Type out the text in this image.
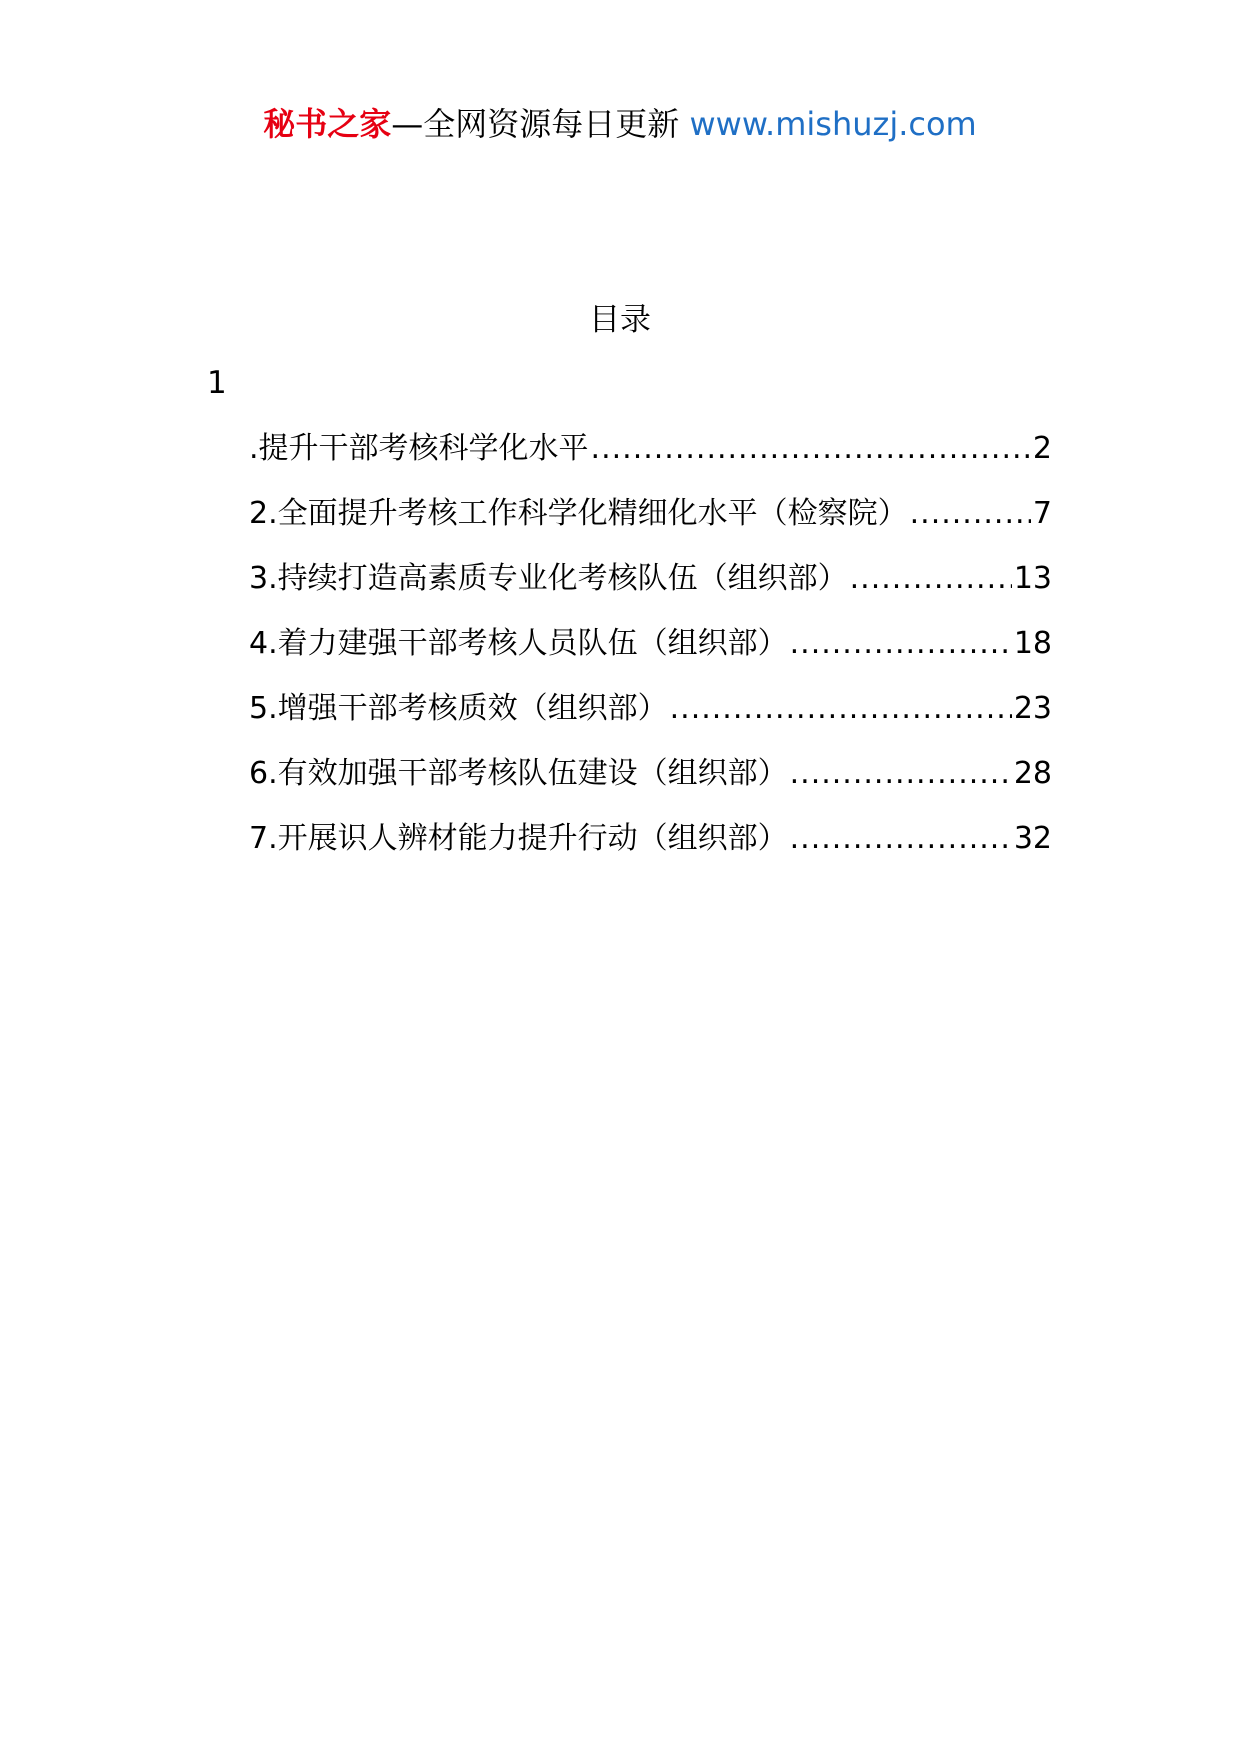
秘书之家—全网资源每日更新 www.mishuzj.com
目录
1
.提升干部考核科学化水平 .....	2
2.全面提升考核工作科学化精细化水平（检察院） .....	7
3.持续打造高素质专业化考核队伍（组织部） .....	13
4.着力建强干部考核人员队伍（组织部） .....	18
5.增强干部考核质效（组织部） .....	23
6.有效加强干部考核队伍建设（组织部） .....	28
7.开展识人辨材能力提升行动（组织部） .....	32
